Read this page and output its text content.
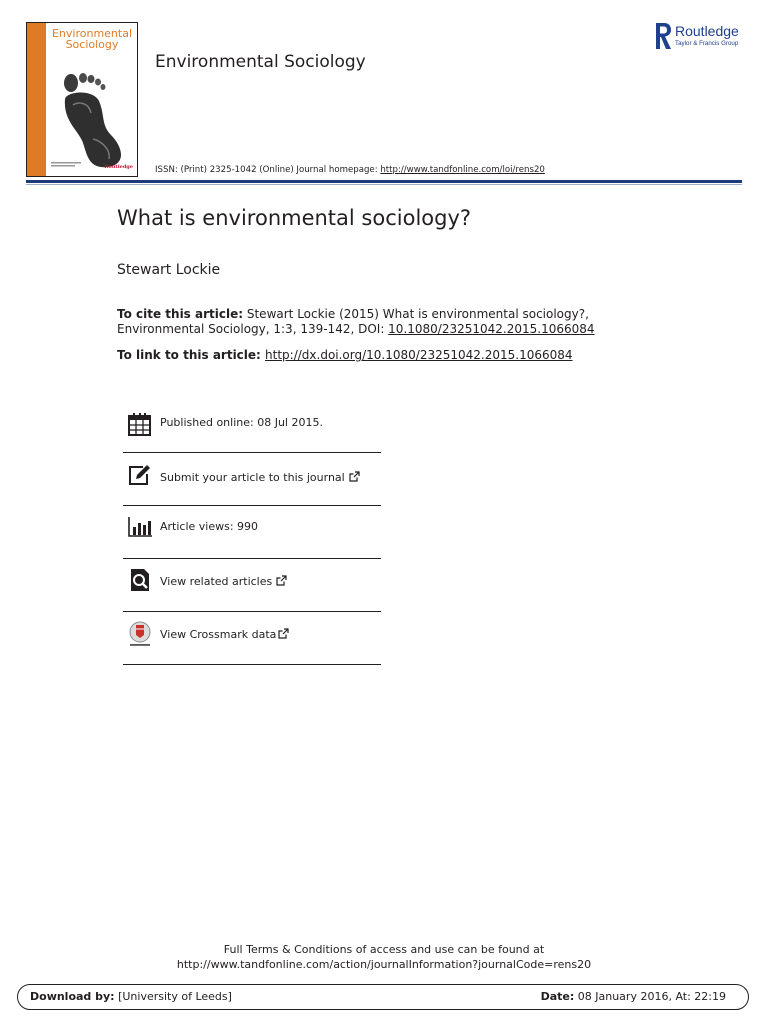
Environmental
Sociology
Routledge
Environmental Sociology
ISSN: (Print) 2325-1042 (Online) Journal homepage: http://www.tandfonline.com/loi/rens20
Routledge
Taylor & Francis Group
What is environmental sociology?
Stewart Lockie
To cite this article: Stewart Lockie (2015) What is environmental sociology?, Environmental Sociology, 1:3, 139-142, DOI: 10.1080/23251042.2015.1066084
To link to this article: http://dx.doi.org/10.1080/23251042.2015.1066084
Published online: 08 Jul 2015.
Submit your article to this journal
Article views: 990
View related articles
View Crossmark data
Full Terms & Conditions of access and use can be found at
http://www.tandfonline.com/action/journalInformation?journalCode=rens20
Download by: [University of Leeds]	Date: 08 January 2016, At: 22:19
